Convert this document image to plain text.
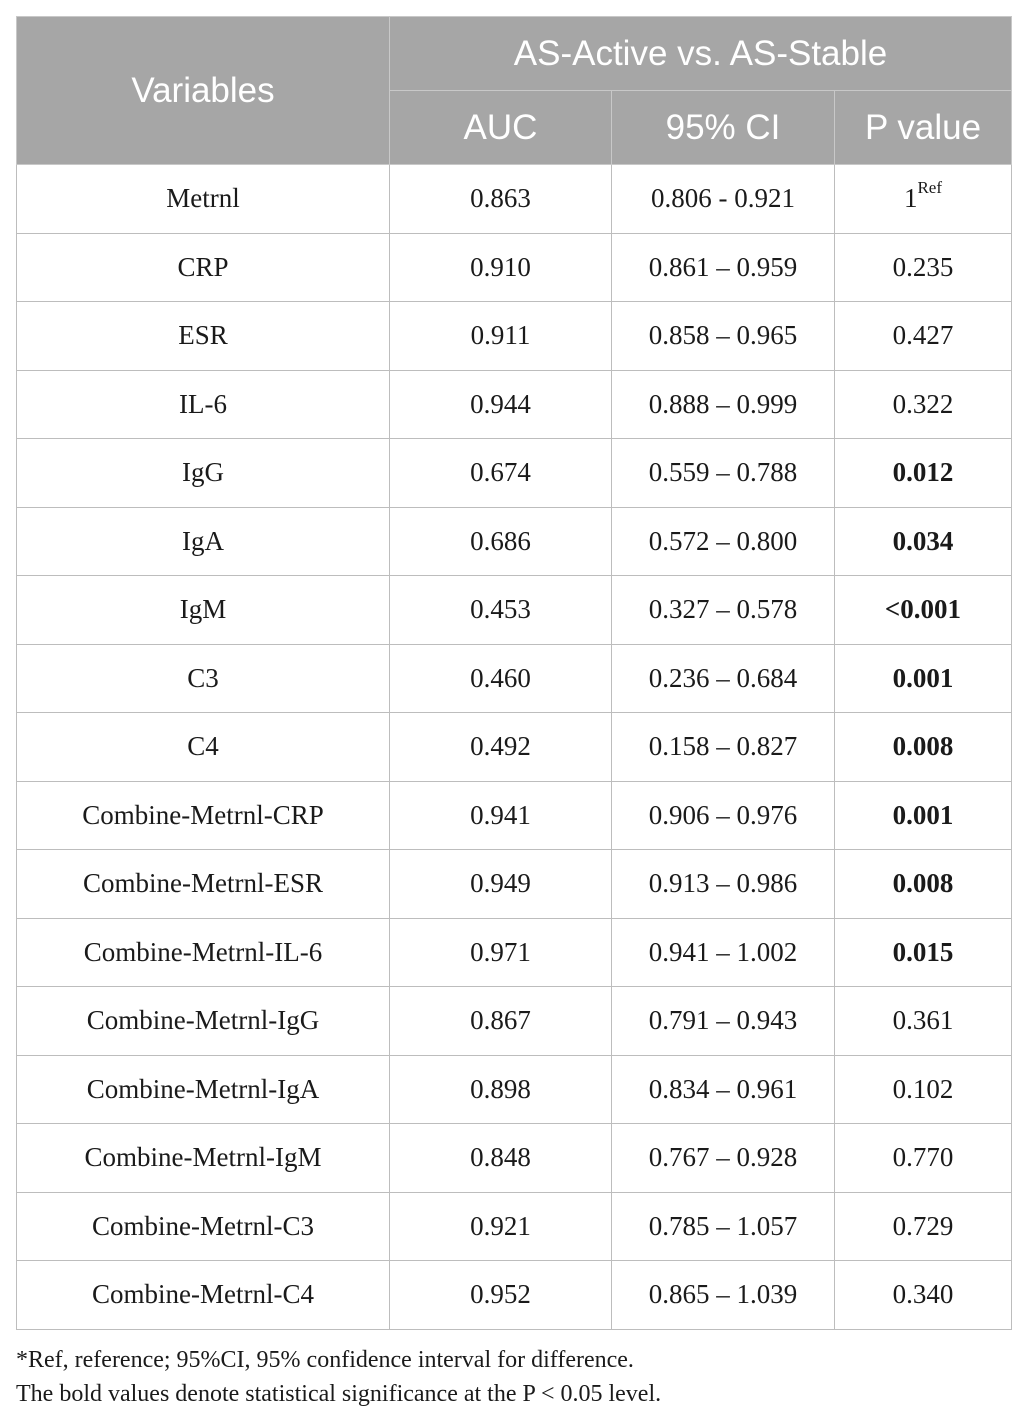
Variables	AS-Active vs. AS-Stable		
	AUC	95% CI	P value
Metrnl	0.863	0.806 - 0.921	$1^{Ref}$
CRP	0.910	0.861 – 0.959	0.235
ESR	0.911	0.858 – 0.965	0.427
IL-6	0.944	0.888 – 0.999	0.322
IgG	0.674	0.559 – 0.788	0.012
IgA	0.686	0.572 – 0.800	0.034
IgM	0.453	0.327 – 0.578	<0.001
C3	0.460	0.236 – 0.684	0.001
C4	0.492	0.158 – 0.827	0.008
Combine-Metrnl-CRP	0.941	0.906 – 0.976	0.001
Combine-Metrnl-ESR	0.949	0.913 – 0.986	0.008
Combine-Metrnl-IL-6	0.971	0.941 – 1.002	0.015
Combine-Metrnl-IgG	0.867	0.791 – 0.943	0.361
Combine-Metrnl-IgA	0.898	0.834 – 0.961	0.102
Combine-Metrnl-IgM	0.848	0.767 – 0.928	0.770
Combine-Metrnl-C3	0.921	0.785 – 1.057	0.729
Combine-Metrnl-C4	0.952	0.865 – 1.039	0.340

*Ref, reference; 95%CI, 95% confidence interval for difference.

The bold values denote statistical significance at the P < 0.05 level.
